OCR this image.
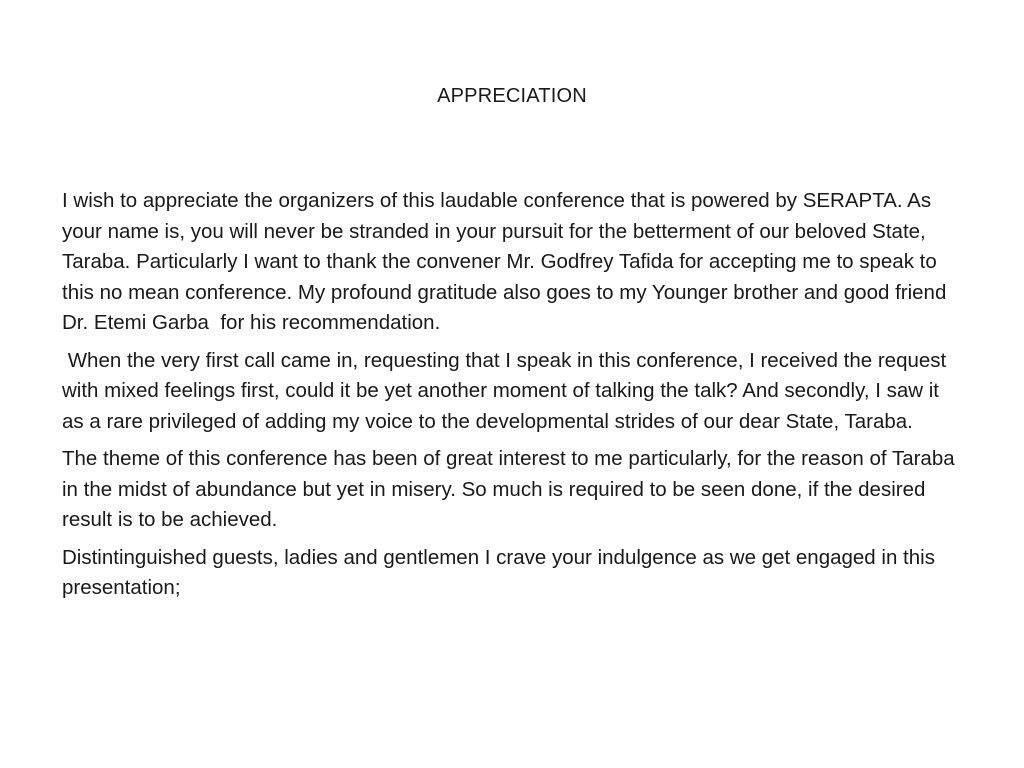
APPRECIATION

I wish to appreciate the organizers of this laudable conference that is powered by SERAPTA. As your name is, you will never be stranded in your pursuit for the betterment of our beloved State, Taraba. Particularly I want to thank the convener Mr. Godfrey Tafida for accepting me to speak to this no mean conference. My profound gratitude also goes to my Younger brother and good friend Dr. Etemi Garba  for his recommendation.

When the very first call came in, requesting that I speak in this conference, I received the request with mixed feelings first, could it be yet another moment of talking the talk? And secondly, I saw it as a rare privileged of adding my voice to the developmental strides of our dear State, Taraba.

The theme of this conference has been of great interest to me particularly, for the reason of Taraba in the midst of abundance but yet in misery. So much is required to be seen done, if the desired result is to be achieved.

Distintinguished guests, ladies and gentlemen I crave your indulgence as we get engaged in this presentation;
